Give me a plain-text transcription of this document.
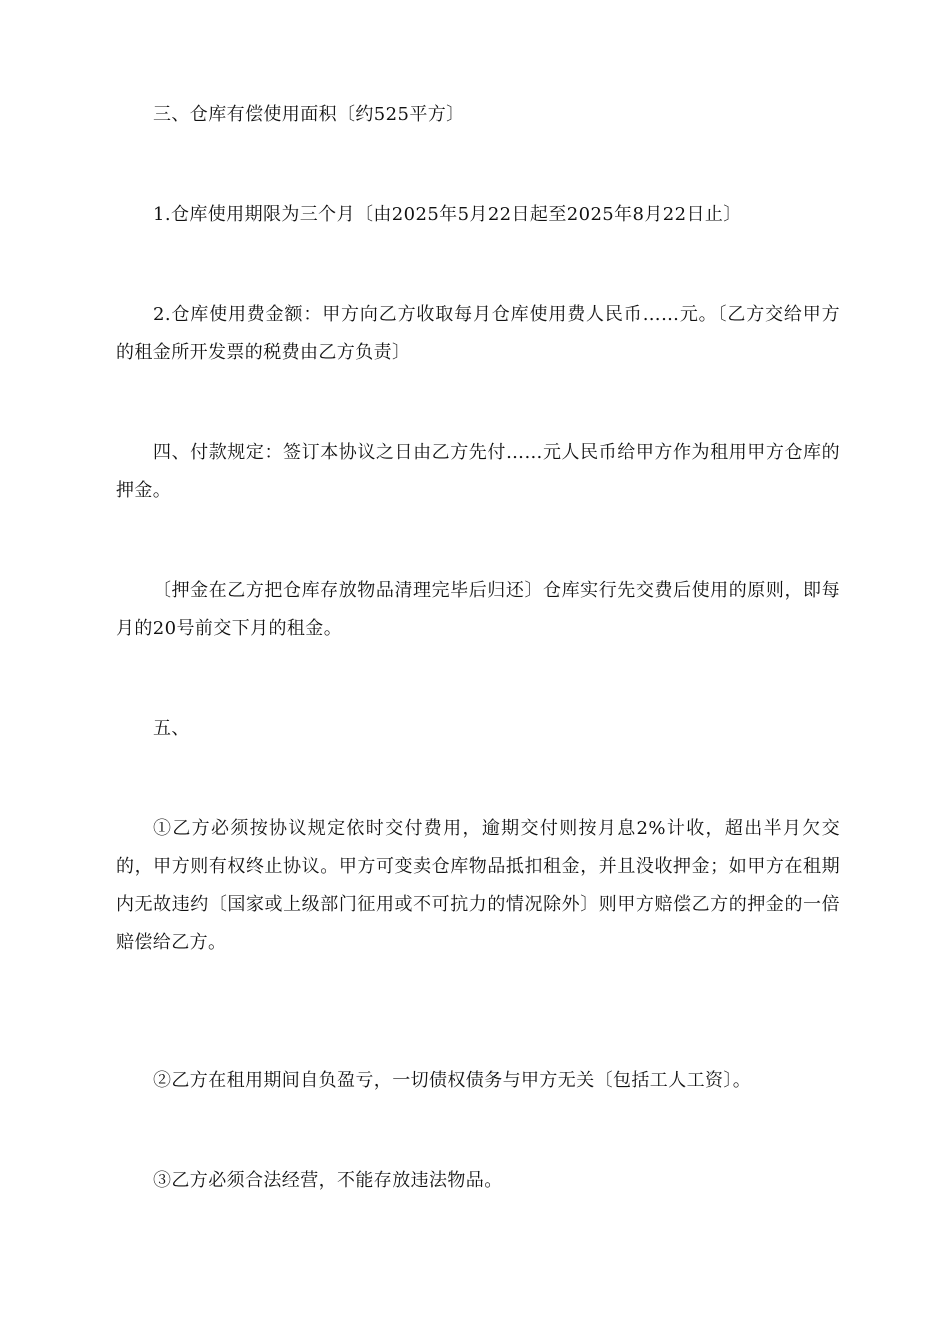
三、仓库有偿使用面积〔约525平方〕

1.仓库使用期限为三个月〔由2025年5月22日起至2025年8月22日止〕

2.仓库使用费金额：甲方向乙方收取每月仓库使用费人民币……元。〔乙方交给甲方的租金所开发票的税费由乙方负责〕

四、付款规定：签订本协议之日由乙方先付……元人民币给甲方作为租用甲方仓库的押金。

〔押金在乙方把仓库存放物品清理完毕后归还〕仓库实行先交费后使用的原则，即每月的20号前交下月的租金。

五、

①乙方必须按协议规定依时交付费用，逾期交付则按月息2%计收，超出半月欠交的，甲方则有权终止协议。甲方可变卖仓库物品抵扣租金，并且没收押金；如甲方在租期内无故违约〔国家或上级部门征用或不可抗力的情况除外〕则甲方赔偿乙方的押金的一倍赔偿给乙方。

②乙方在租用期间自负盈亏，一切债权债务与甲方无关〔包括工人工资〕。

③乙方必须合法经营，不能存放违法物品。
